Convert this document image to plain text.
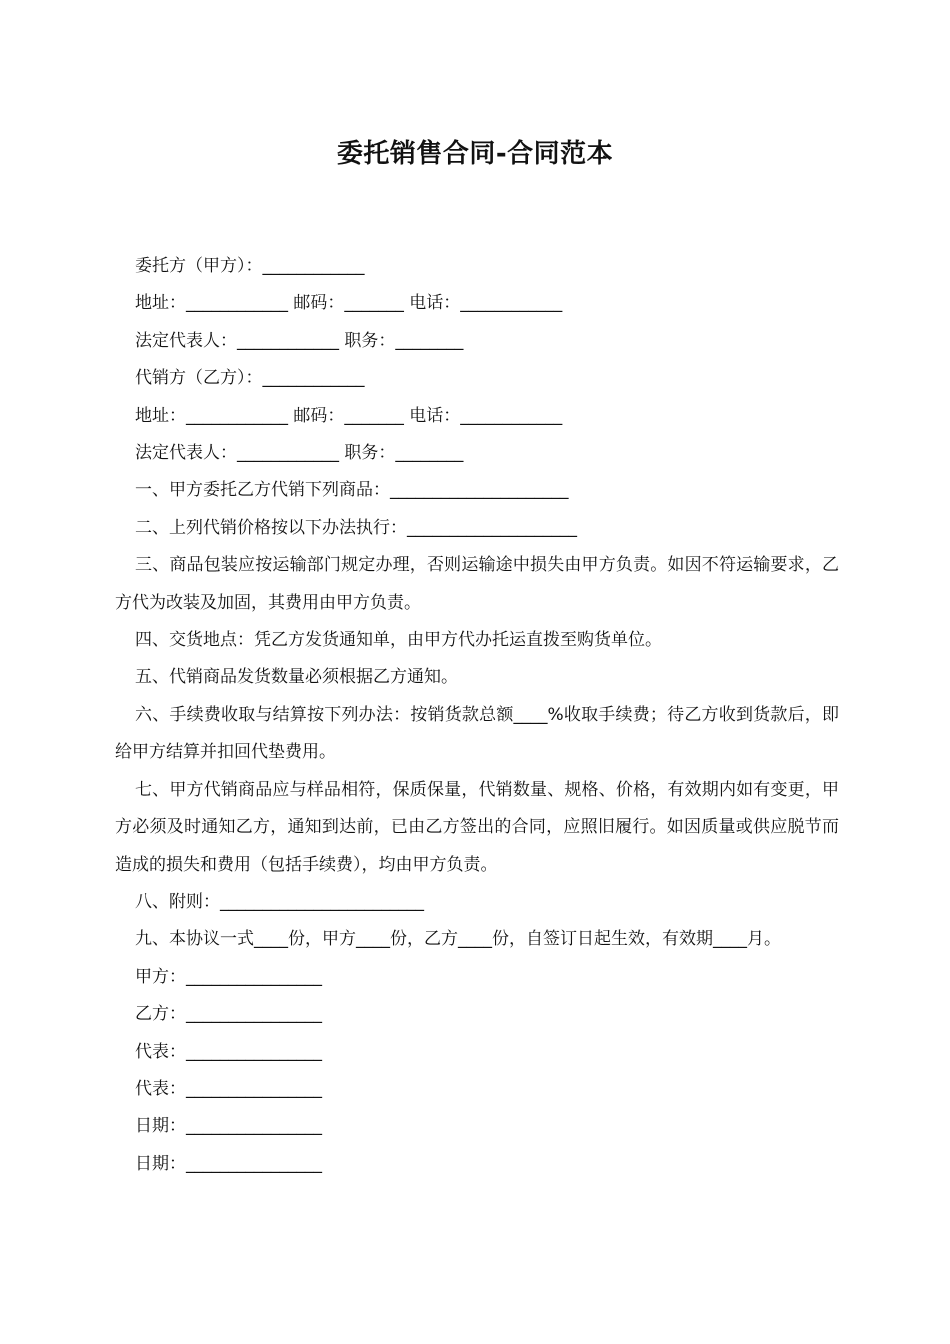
委托销售合同-合同范本

委托方（甲方）：____________

地址：____________ 邮码：_______ 电话：____________

法定代表人：____________ 职务：________

代销方（乙方）：____________

地址：____________ 邮码：_______ 电话：____________

法定代表人：____________ 职务：________

一、甲方委托乙方代销下列商品：_____________________

二、上列代销价格按以下办法执行：____________________

三、商品包装应按运输部门规定办理，否则运输途中损失由甲方负责。如因不符运输要求，乙方代为改装及加固，其费用由甲方负责。

四、交货地点：凭乙方发货通知单，由甲方代办托运直拨至购货单位。

五、代销商品发货数量必须根据乙方通知。

六、手续费收取与结算按下列办法：按销货款总额____%收取手续费；待乙方收到货款后，即给甲方结算并扣回代垫费用。

七、甲方代销商品应与样品相符，保质保量，代销数量、规格、价格，有效期内如有变更，甲方必须及时通知乙方，通知到达前，已由乙方签出的合同，应照旧履行。如因质量或供应脱节而造成的损失和费用（包括手续费），均由甲方负责。

八、附则：________________________

九、本协议一式____份，甲方____份，乙方____份，自签订日起生效，有效期____月。

甲方：________________

乙方：________________

代表：________________

代表：________________

日期：________________

日期：________________
